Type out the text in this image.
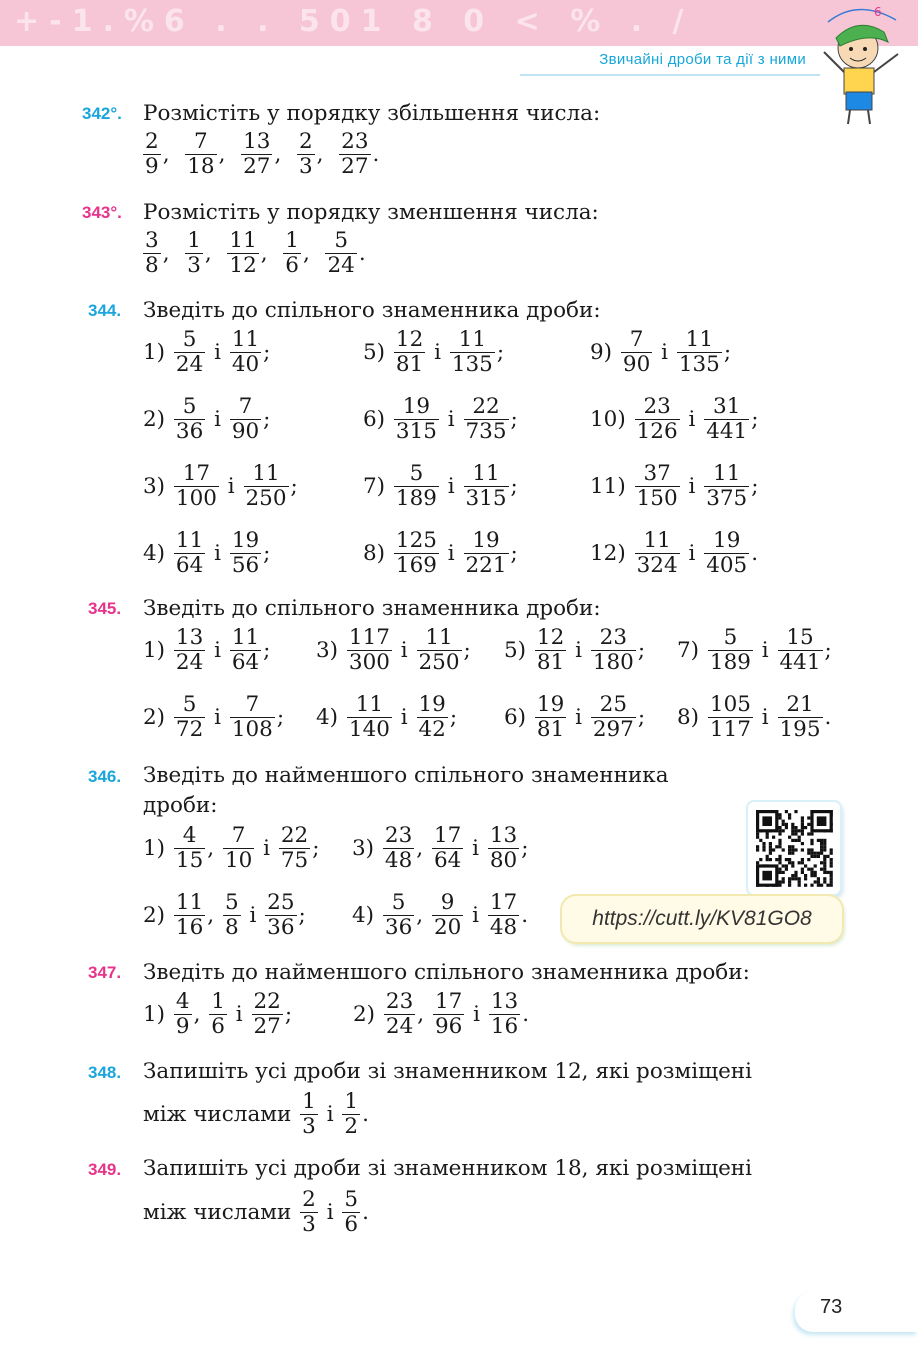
+-1.%6 . . 501 8 0 < % . /
Звичайні дроби та дії з ними
6
342°. Розмістіть у порядку збільшення числа:
$\frac{2}{9}$ , $\frac{7}{18}$ , $\frac{13}{27}$ , $\frac{2}{3}$ , $\frac{23}{27}$ .
343°. Розмістіть у порядку зменшення числа:
$\frac{3}{8}$ , $\frac{1}{3}$ , $\frac{11}{12}$ , $\frac{1}{6}$ , $\frac{5}{24}$ .
344. Зведіть до спільного знаменника дроби:
$1) \frac{5}{24}$ і $\frac{11}{40}$ ;
$2) \frac{5}{36}$ і $\frac{7}{90}$ ;
$3) \frac{17}{100}$ і $\frac{11}{250}$ ;
$4) \frac{11}{64}$ і $\frac{19}{56}$ ;
$5) \frac{12}{81}$ і $\frac{11}{135}$ ;
$6) \frac{19}{315}$ і $\frac{22}{735}$ ;
$7) \frac{5}{189}$ і $\frac{11}{315}$ ;
$8) \frac{125}{169}$ і $\frac{19}{221}$ ;
$9) \frac{7}{90}$ і $\frac{11}{135}$ ;
$10) \frac{23}{126}$ і $\frac{31}{441}$ ;
$11) \frac{37}{150}$ і $\frac{11}{375}$ ;
$12) \frac{11}{324}$ і $\frac{19}{405}$ .
345. Зведіть до спільного знаменника дроби:
$1) \frac{13}{24}$ і $\frac{11}{64}$ ; $3) \frac{117}{300}$ і $\frac{11}{250}$ ; $5) \frac{12}{81}$ і $\frac{23}{180}$ ; $7) \frac{5}{189}$ і $\frac{15}{441}$ ;
$2) \frac{5}{72}$ і $\frac{7}{108}$ ; $4) \frac{11}{140}$ і $\frac{19}{42}$ ; $6) \frac{19}{81}$ і $\frac{25}{297}$ ; $8) \frac{105}{117}$ і $\frac{21}{195}$ .
346. Зведіть до найменшого спільного знаменника
дроби:
$1) \frac{4}{15}$ , $\frac{7}{10}$ і $\frac{22}{75}$ ; $3) \frac{23}{48}$ , $\frac{17}{64}$ і $\frac{13}{80}$ ;
$2) \frac{11}{16}$ , $\frac{5}{8}$ і $\frac{25}{36}$ ; $4) \frac{5}{36}$ , $\frac{9}{20}$ і $\frac{17}{48}$ .
347. Зведіть до найменшого спільного знаменника дроби:
$1) \frac{4}{9}$ , $\frac{1}{6}$ і $\frac{22}{27}$ ;	$2) \frac{23}{24}$ , $\frac{17}{96}$ і $\frac{13}{16}$ .
348. Запишіть усі дроби зі знаменником 12, які розміщені
між числами $\frac{1}{3}$ і $\frac{1}{2}$ .
349. Запишіть усі дроби зі знаменником 18, які розміщені
між числами $\frac{2}{3}$ і $\frac{5}{6}$ .
https://cutt.ly/KV81GO8
73
